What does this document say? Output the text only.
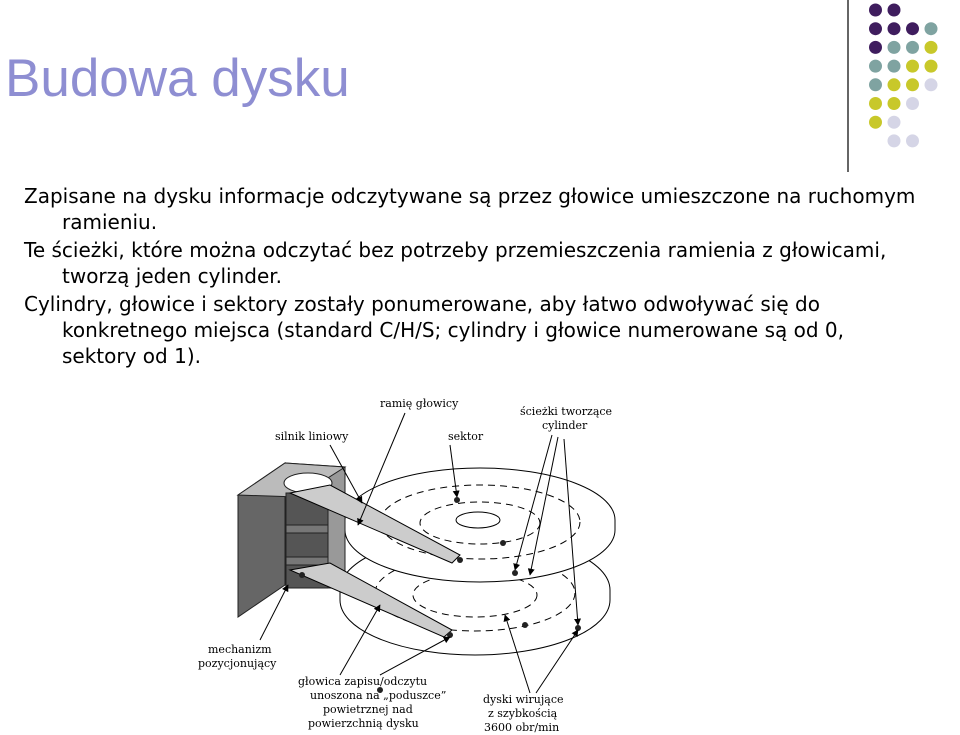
Budowa dysku

Zapisane na dysku informacje odczytywane są przez głowice umieszczone na ruchomym ramieniu.

Te ścieżki, które można odczytać bez potrzeby przemieszczenia ramienia z głowicami, tworzą jeden cylinder.

Cylindry, głowice i sektory zostały ponumerowane, aby łatwo odwoływać się do konkretnego miejsca (standard C/H/S; cylindry i głowice numerowane są od 0, sektory od 1).

ramię głowicy
silnik liniowy	sektor
ścieżki tworzące
cylinder
mechanizm
pozycjonujący
głowica zapisu/odczytu
unoszona na „poduszce”
powietrznej nad
powierzchnią dysku
dyski wirujące
z szybkością
3600 obr/min
